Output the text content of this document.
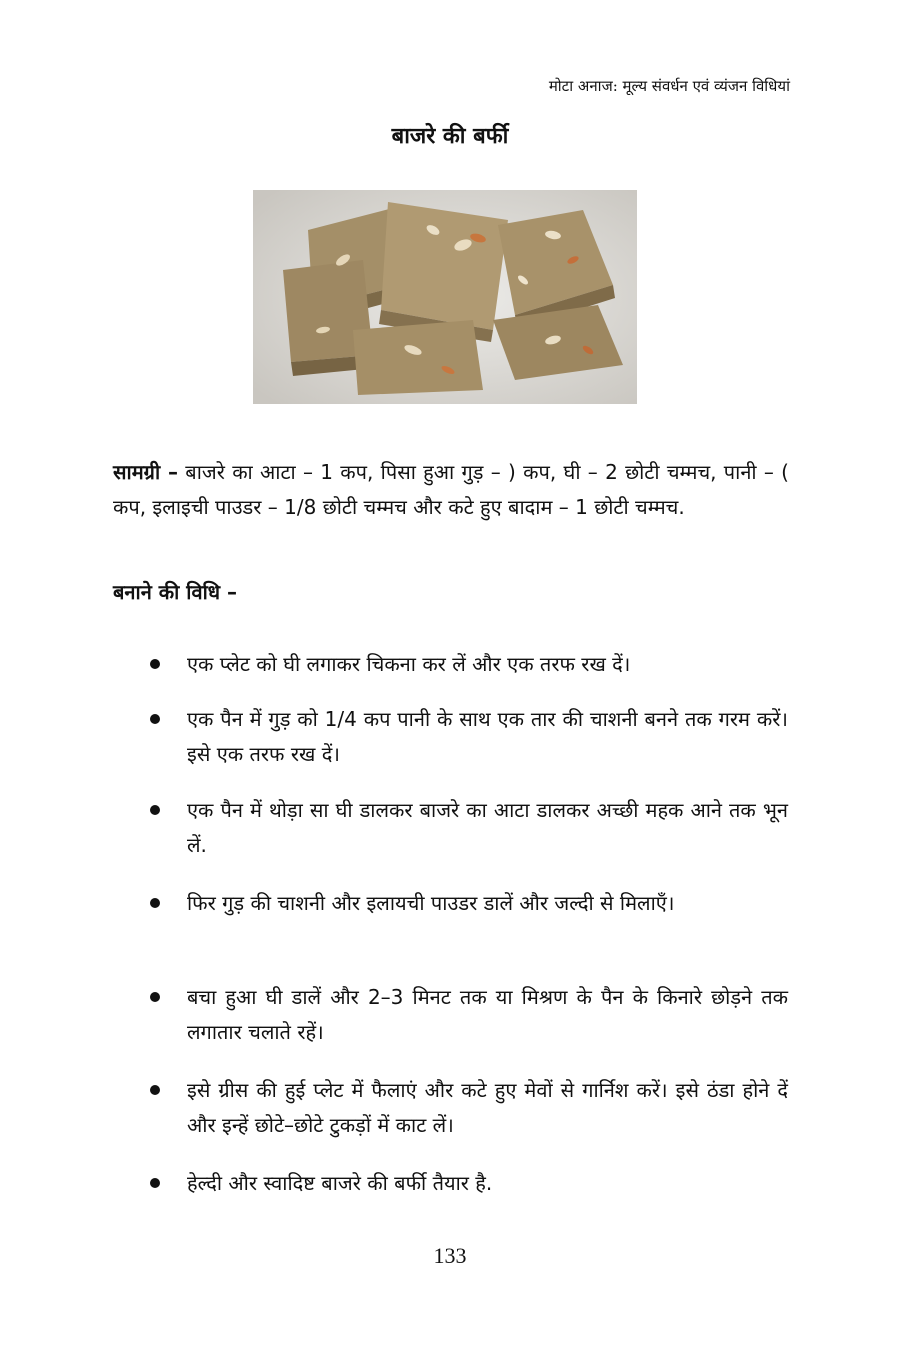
मोटा अनाज: मूल्य संवर्धन एवं व्यंजन विधियां
बाजरे की बर्फी
सामग्री – बाजरे का आटा – 1 कप, पिसा हुआ गुड़ – ) कप, घी – 2 छोटी चम्मच, पानी – ( कप, इलाइची पाउडर – 1/8 छोटी चम्मच और कटे हुए बादाम – 1 छोटी चम्मच.
बनाने की विधि –
एक प्लेट को घी लगाकर चिकना कर लें और एक तरफ रख दें।
एक पैन में गुड़ को 1/4 कप पानी के साथ एक तार की चाशनी बनने तक गरम करें। इसे एक तरफ रख दें।
एक पैन में थोड़ा सा घी डालकर बाजरे का आटा डालकर अच्छी महक आने तक भून लें.
फिर गुड़ की चाशनी और इलायची पाउडर डालें और जल्दी से मिलाएँ।
बचा हुआ घी डालें और 2–3 मिनट तक या मिश्रण के पैन के किनारे छोड़ने तक लगातार चलाते रहें।
इसे ग्रीस की हुई प्लेट में फैलाएं और कटे हुए मेवों से गार्निश करें। इसे ठंडा होने दें और इन्हें छोटे–छोटे टुकड़ों में काट लें।
हेल्दी और स्वादिष्ट बाजरे की बर्फी तैयार है.
133
